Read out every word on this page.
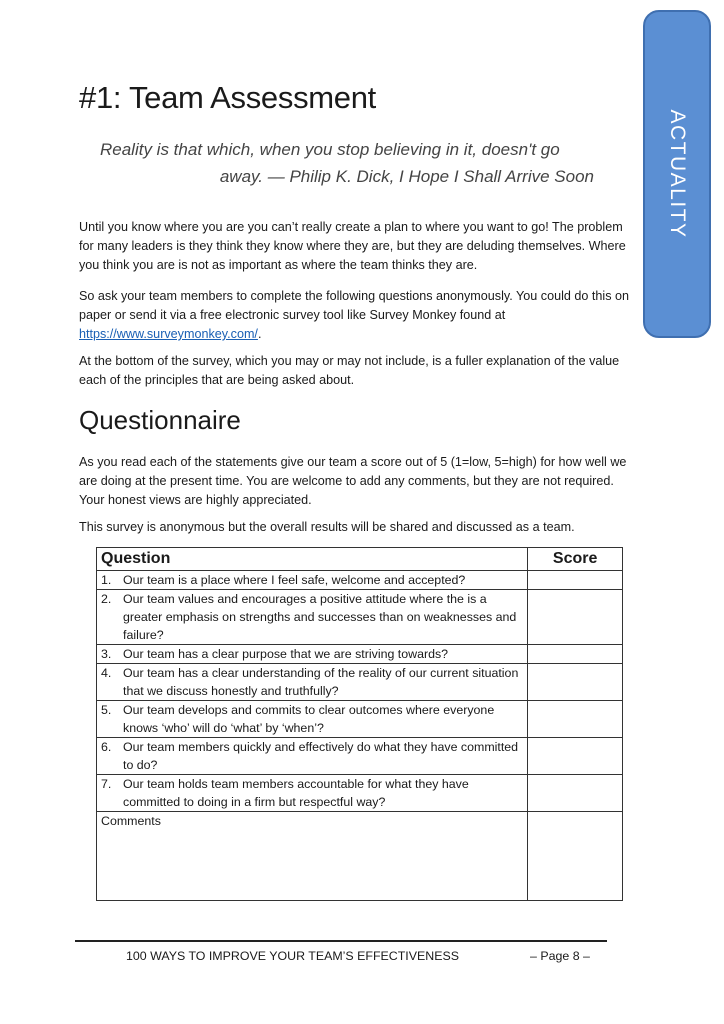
ACTUALITY
#1: Team Assessment
Reality is that which, when you stop believing in it, doesn't go
away. — Philip K. Dick, I Hope I Shall Arrive Soon

Until you know where you are you can’t really create a plan to where you want to go! The problem for many leaders is they think they know where they are, but they are deluding themselves. Where you think you are is not as important as where the team thinks they are.

So ask your team members to complete the following questions anonymously. You could do this on paper or send it via a free electronic survey tool like Survey Monkey found at https://www.surveymonkey.com/.

At the bottom of the survey, which you may or may not include, is a fuller explanation of the value each of the principles that are being asked about.

Questionnaire

As you read each of the statements give our team a score out of 5 (1=low, 5=high) for how well we are doing at the present time. You are welcome to add any comments, but they are not required. Your honest views are highly appreciated.

This survey is anonymous but the overall results will be shared and discussed as a team.

Question	Score

1. Our team is a place where I feel safe, welcome and accepted?	

2. Our team values and encourages a positive attitude where the is a greater emphasis on strengths and successes than on weaknesses and failure?	

3. Our team has a clear purpose that we are striving towards?	

4. Our team has a clear understanding of the reality of our current situation that we discuss honestly and truthfully?	

5. Our team develops and commits to clear outcomes where everyone knows ‘who’ will do ‘what’ by ‘when’?	

6. Our team members quickly and effectively do what they have committed to do?	

7. Our team holds team members accountable for what they have committed to doing in a firm but respectful way?	

Comments	
100 WAYS TO IMPROVE YOUR TEAM’S EFFECTIVENESS	– Page 8 –
